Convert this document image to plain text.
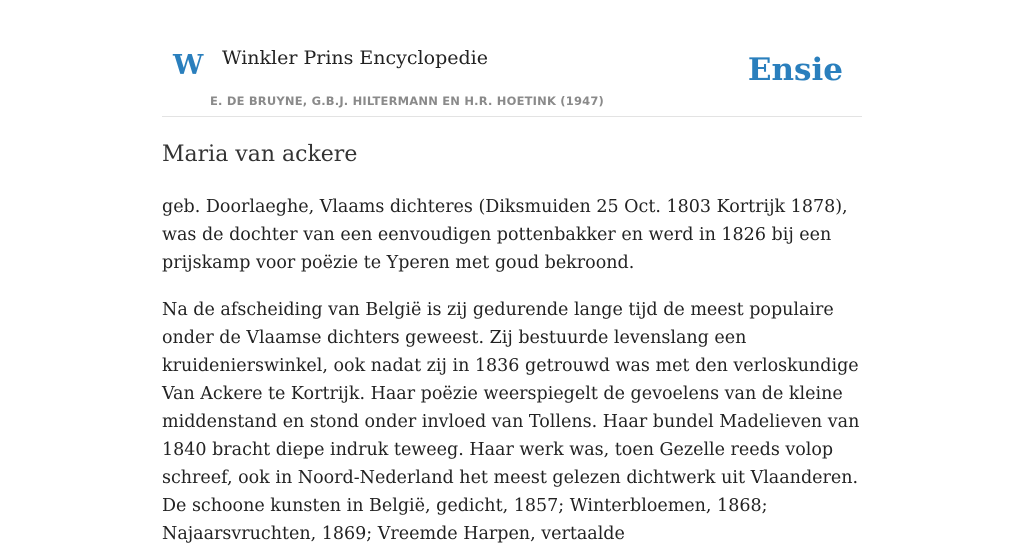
W Winkler Prins Encyclopedie
E. DE BRUYNE, G.B.J. HILTERMANN EN H.R. HOETINK (1947)
Ensie
Maria van ackere

geb. Doorlaeghe, Vlaams dichteres (Diksmuiden 25 Oct. 1803 Kortrijk 1878), was de dochter van een eenvoudigen pottenbakker en werd in 1826 bij een prijskamp voor poëzie te Yperen met goud bekroond.

Na de afscheiding van België is zij gedurende lange tijd de meest populaire onder de Vlaamse dichters geweest. Zij bestuurde levenslang een kruidenierswinkel, ook nadat zij in 1836 getrouwd was met den verloskundige Van Ackere te Kortrijk. Haar poëzie weerspiegelt de gevoelens van de kleine middenstand en stond onder invloed van Tollens. Haar bundel Madelieven van 1840 bracht diepe indruk teweeg. Haar werk was, toen Gezelle reeds volop schreef, ook in Noord-Nederland het meest gelezen dichtwerk uit Vlaanderen. De schoone kunsten in België, gedicht, 1857; Winterbloemen, 1868; Najaarsvruchten, 1869; Vreemde Harpen, vertaalde
